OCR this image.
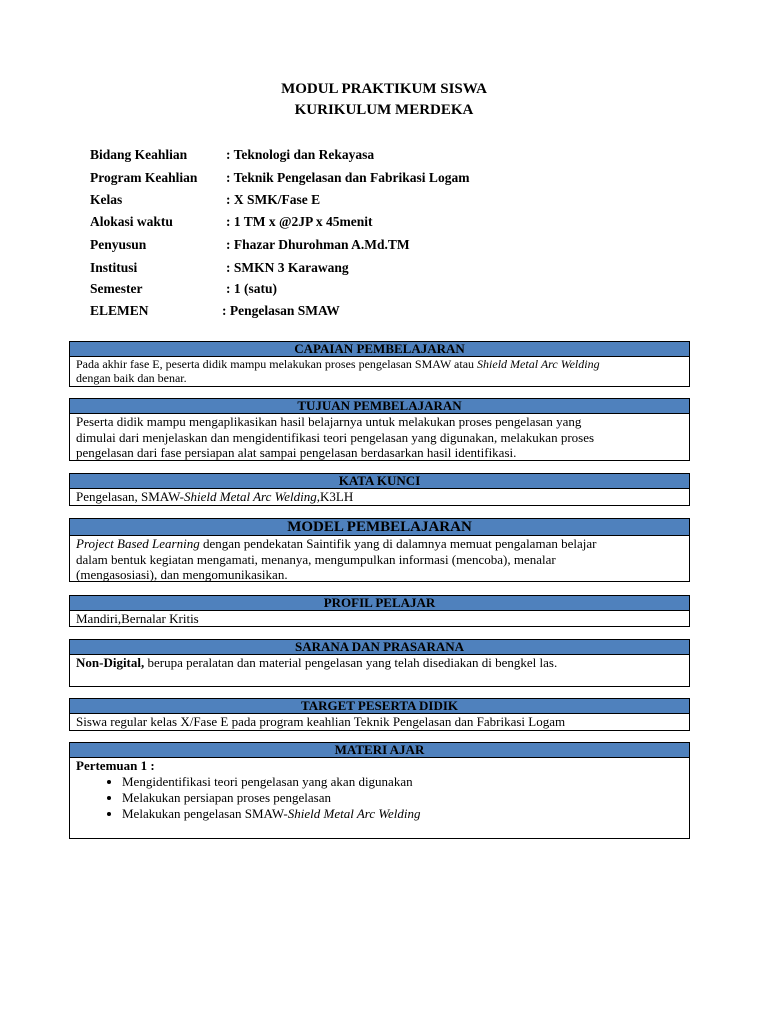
MODUL PRAKTIKUM SISWA
KURIKULUM MERDEKA
Bidang Keahlian	: Teknologi dan Rekayasa
Program Keahlian : Teknik Pengelasan dan Fabrikasi Logam
Kelas	: X SMK/Fase E
Alokasi waktu	: 1 TM x @2JP x 45menit
Penyusun	: Fhazar Dhurohman A.Md.TM
Institusi	: SMKN 3 Karawang
Semester	: 1 (satu)
ELEMEN	: Pengelasan SMAW
CAPAIAN PEMBELAJARAN
Pada akhir fase E, peserta didik mampu melakukan proses pengelasan SMAW atau Shield Metal Arc Welding
dengan baik dan benar.
TUJUAN PEMBELAJARAN
Peserta didik mampu mengaplikasikan hasil belajarnya untuk melakukan proses pengelasan yang
dimulai dari menjelaskan dan mengidentifikasi teori pengelasan yang digunakan, melakukan proses
pengelasan dari fase persiapan alat sampai pengelasan berdasarkan hasil identifikasi.
KATA KUNCI
Pengelasan, SMAW-Shield Metal Arc Welding,K3LH
MODEL PEMBELAJARAN
Project Based Learning dengan pendekatan Saintifik yang di dalamnya memuat pengalaman belajar
dalam bentuk kegiatan mengamati, menanya, mengumpulkan informasi (mencoba), menalar
(mengasosiasi), dan mengomunikasikan.
PROFIL PELAJAR
Mandiri,Bernalar Kritis
SARANA DAN PRASARANA
Non-Digital, berupa peralatan dan material pengelasan yang telah disediakan di bengkel las.
TARGET PESERTA DIDIK
Siswa regular kelas X/Fase E pada program keahlian Teknik Pengelasan dan Fabrikasi Logam
MATERI AJAR
Pertemuan 1 :
• Mengidentifikasi teori pengelasan yang akan digunakan
• Melakukan persiapan proses pengelasan
• Melakukan pengelasan SMAW-Shield Metal Arc Welding
